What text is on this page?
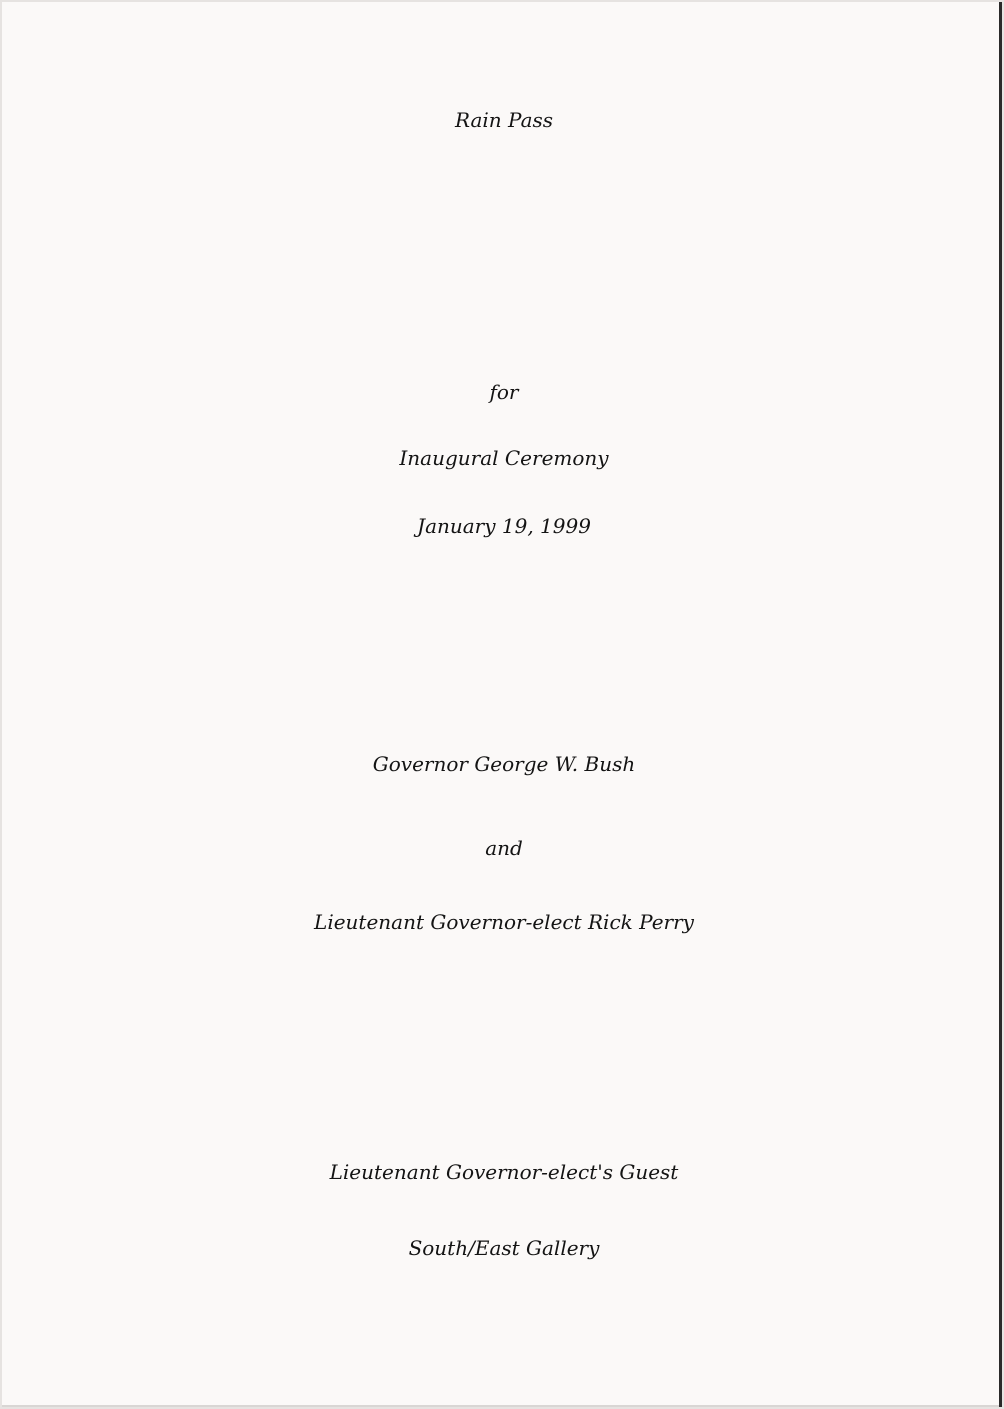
Rain Pass
for
Inaugural Ceremony
January 19, 1999
Governor George W. Bush
and
Lieutenant Governor-elect Rick Perry
Lieutenant Governor-elect's Guest
South/East Gallery
